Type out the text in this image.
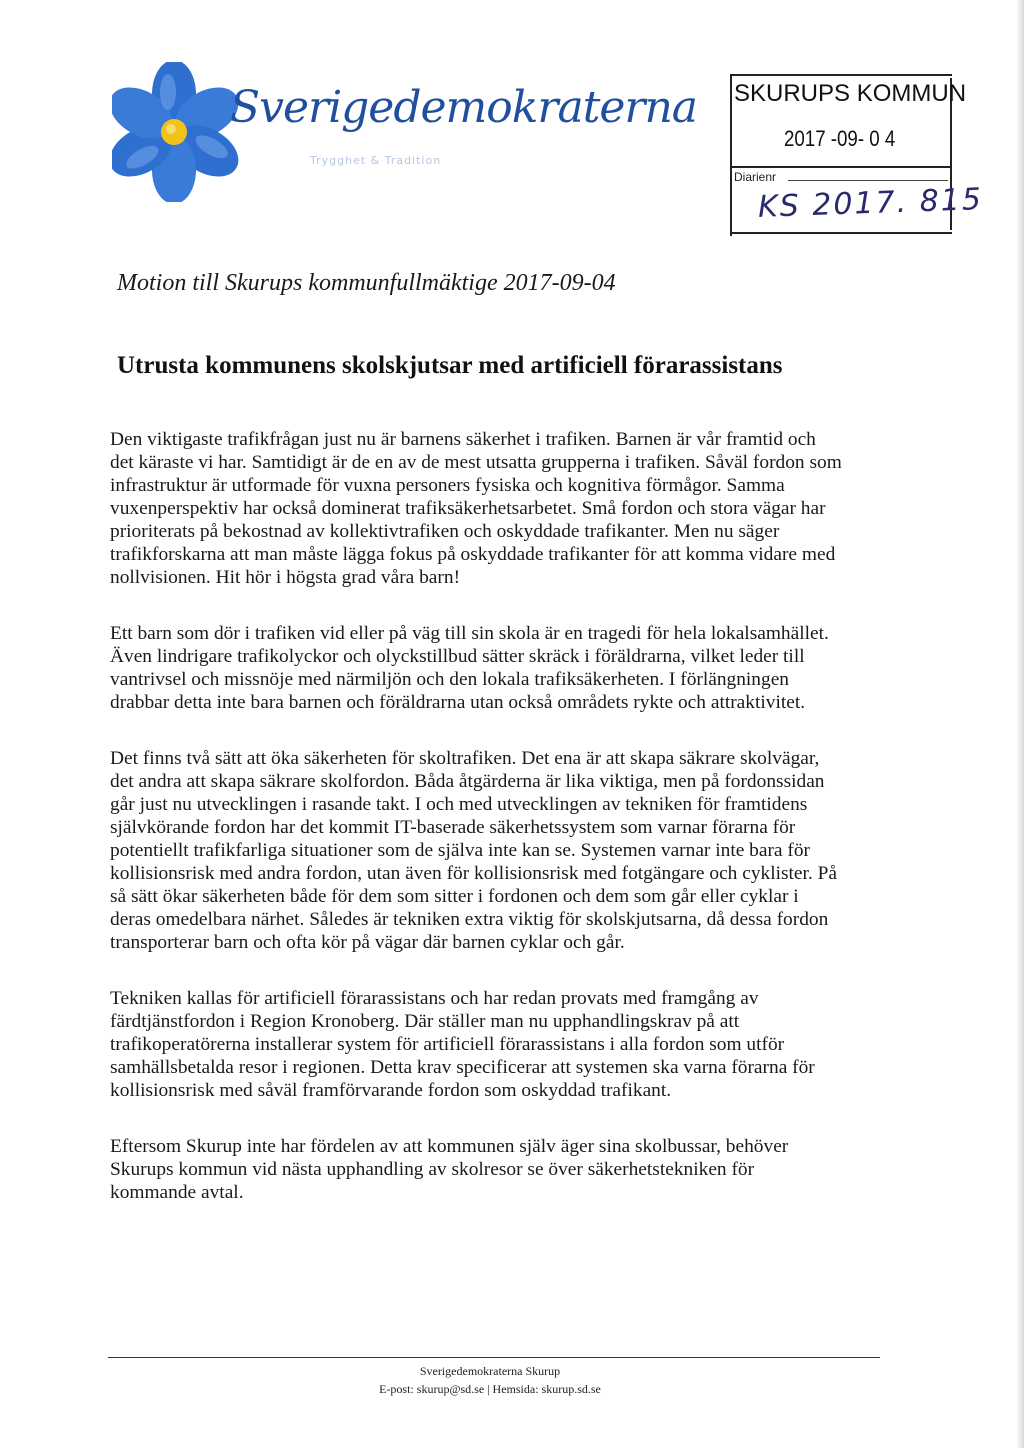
Sverigedemokraterna
Trygghet & Tradition
SKURUPS KOMMUN
2017 -09- 0 4
Diarienr
KS 2017. 815
Motion till Skurups kommunfullmäktige 2017-09-04
Utrusta kommunens skolskjutsar med artificiell förarassistans

Den viktigaste trafikfrågan just nu är barnens säkerhet i trafiken. Barnen är vår framtid och
det käraste vi har. Samtidigt är de en av de mest utsatta grupperna i trafiken. Såväl fordon som
infrastruktur är utformade för vuxna personers fysiska och kognitiva förmågor. Samma
vuxenperspektiv har också dominerat trafiksäkerhetsarbetet. Små fordon och stora vägar har
prioriterats på bekostnad av kollektivtrafiken och oskyddade trafikanter. Men nu säger
trafikforskarna att man måste lägga fokus på oskyddade trafikanter för att komma vidare med
nollvisionen. Hit hör i högsta grad våra barn!

Ett barn som dör i trafiken vid eller på väg till sin skola är en tragedi för hela lokalsamhället.
Även lindrigare trafikolyckor och olyckstillbud sätter skräck i föräldrarna, vilket leder till
vantrivsel och missnöje med närmiljön och den lokala trafiksäkerheten. I förlängningen
drabbar detta inte bara barnen och föräldrarna utan också områdets rykte och attraktivitet.

Det finns två sätt att öka säkerheten för skoltrafiken. Det ena är att skapa säkrare skolvägar,
det andra att skapa säkrare skolfordon. Båda åtgärderna är lika viktiga, men på fordonssidan
går just nu utvecklingen i rasande takt. I och med utvecklingen av tekniken för framtidens
självkörande fordon har det kommit IT-baserade säkerhetssystem som varnar förarna för
potentiellt trafikfarliga situationer som de själva inte kan se. Systemen varnar inte bara för
kollisionsrisk med andra fordon, utan även för kollisionsrisk med fotgängare och cyklister. På
så sätt ökar säkerheten både för dem som sitter i fordonen och dem som går eller cyklar i
deras omedelbara närhet. Således är tekniken extra viktig för skolskjutsarna, då dessa fordon
transporterar barn och ofta kör på vägar där barnen cyklar och går.

Tekniken kallas för artificiell förarassistans och har redan provats med framgång av
färdtjänstfordon i Region Kronoberg. Där ställer man nu upphandlingskrav på att
trafikoperatörerna installerar system för artificiell förarassistans i alla fordon som utför
samhällsbetalda resor i regionen. Detta krav specificerar att systemen ska varna förarna för
kollisionsrisk med såväl framförvarande fordon som oskyddad trafikant.

Eftersom Skurup inte har fördelen av att kommunen själv äger sina skolbussar, behöver
Skurups kommun vid nästa upphandling av skolresor se över säkerhetstekniken för
kommande avtal.

Sverigedemokraterna Skurup
E-post: skurup@sd.se | Hemsida: skurup.sd.se
